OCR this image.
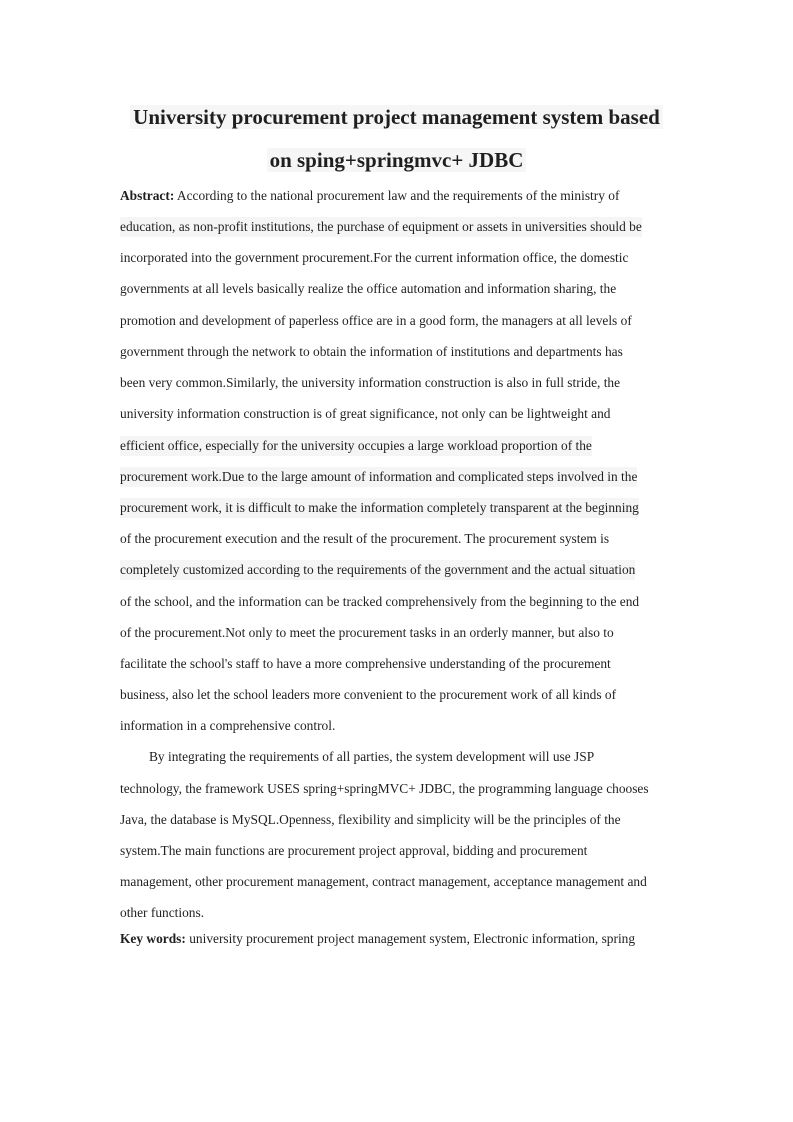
University procurement project management system based
on sping+springmvc+ JDBC
Abstract: According to the national procurement law and the requirements of the ministry of
education, as non-profit institutions, the purchase of equipment or assets in universities should be
incorporated into the government procurement.For the current information office, the domestic
governments at all levels basically realize the office automation and information sharing, the
promotion and development of paperless office are in a good form, the managers at all levels of
government through the network to obtain the information of institutions and departments has
been very common.Similarly, the university information construction is also in full stride, the
university information construction is of great significance, not only can be lightweight and
efficient office, especially for the university occupies a large workload proportion of the
procurement work.Due to the large amount of information and complicated steps involved in the
procurement work, it is difficult to make the information completely transparent at the beginning
of the procurement execution and the result of the procurement. The procurement system is
completely customized according to the requirements of the government and the actual situation
of the school, and the information can be tracked comprehensively from the beginning to the end
of the procurement.Not only to meet the procurement tasks in an orderly manner, but also to
facilitate the school's staff to have a more comprehensive understanding of the procurement
business, also let the school leaders more convenient to the procurement work of all kinds of
information in a comprehensive control.
By integrating the requirements of all parties, the system development will use JSP
technology, the framework USES spring+springMVC+ JDBC, the programming language chooses
Java, the database is MySQL.Openness, flexibility and simplicity will be the principles of the
system.The main functions are procurement project approval, bidding and procurement
management, other procurement management, contract management, acceptance management and
other functions.
Key words: university procurement project management system, Electronic information, spring
